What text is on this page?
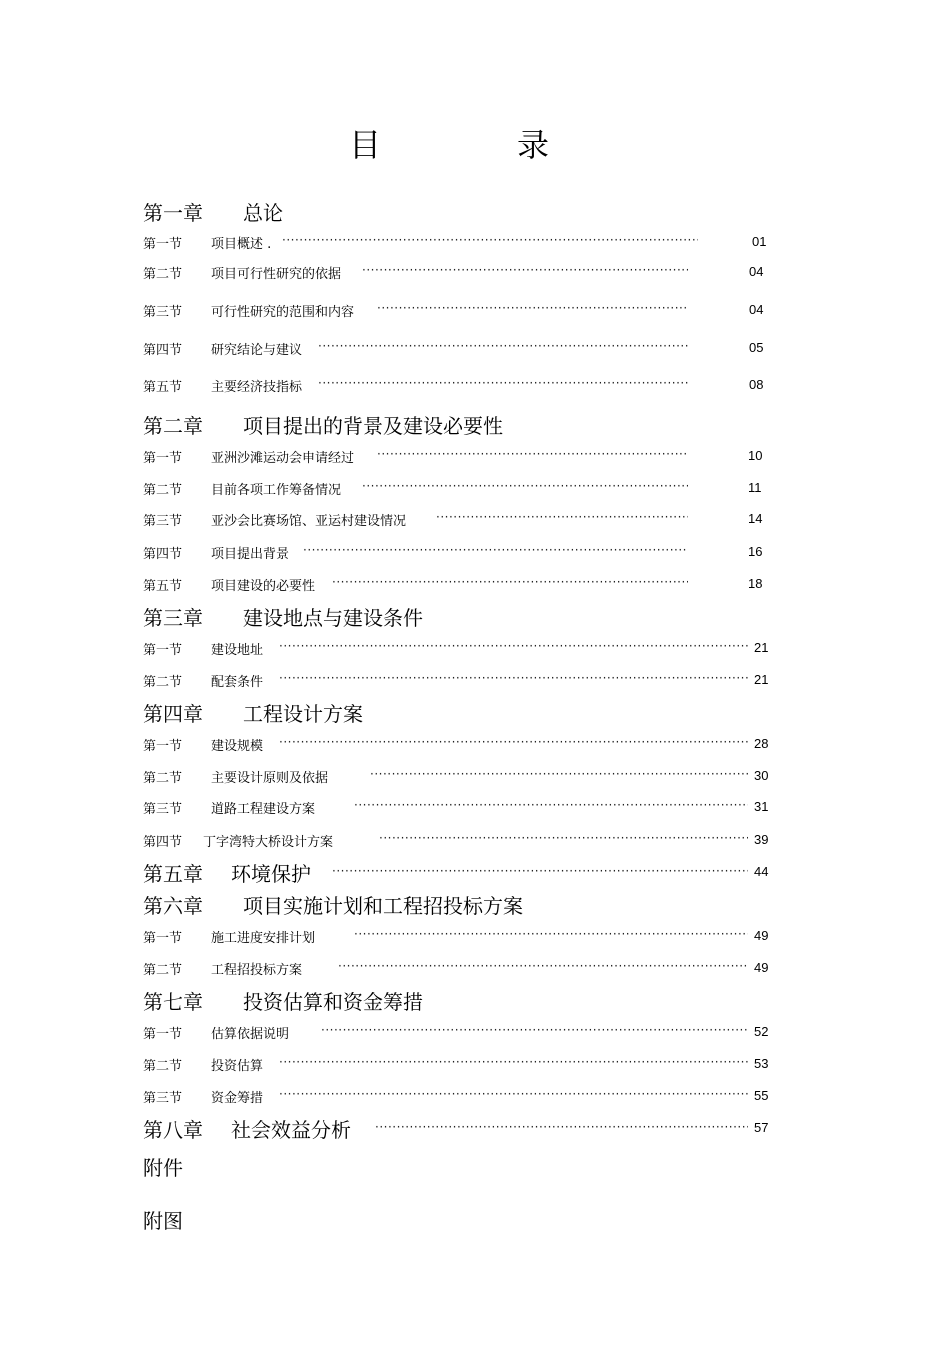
目　录
第一章	总论
第一节	项目概述 . ·····	01
第二节	项目可行性研究的依据 ·····	04
第三节	可行性研究的范围和内容 ·····	04
第四节	研究结论与建议 ·····	05
第五节	主要经济技指标 ·····	08
第二章	项目提出的背景及建设必要性
第一节	亚洲沙滩运动会申请经过 ·····	10
第二节	目前各项工作筹备情况 ·····	11
第三节	亚沙会比赛场馆、亚运村建设情况 ·····	14
第四节	项目提出背景 ·····	16
第五节	项目建设的必要性 ·····	18
第三章	建设地点与建设条件
第一节	建设地址 ·····	21
第二节	配套条件 ·····	21
第四章	工程设计方案
第一节	建设规模 ·····	28
第二节	主要设计原则及依据 ·····	30
第三节	道路工程建设方案 ·····	31
第四节	丁字湾特大桥设计方案 ·····	39
第五章	环境保护 ·····	44
第六章	项目实施计划和工程招投标方案
第一节	施工进度安排计划 ·····	49
第二节	工程招投标方案 ·····	49
第七章	投资估算和资金筹措
第一节	估算依据说明 ·····	52
第二节	投资估算 ·····	53
第三节	资金筹措 ·····	55
第八章	社会效益分析 ·····	57
附件
附图
